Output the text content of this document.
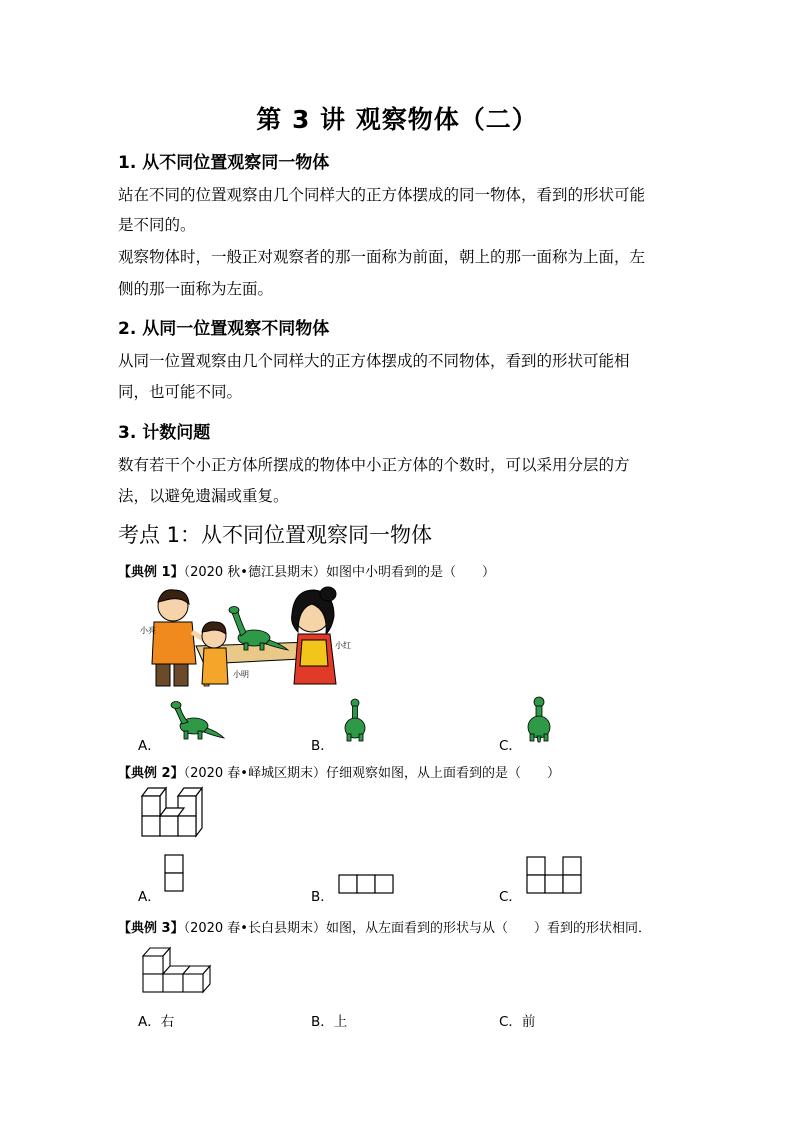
第 3 讲 观察物体（二）
1. 从不同位置观察同一物体
站在不同的位置观察由几个同样大的正方体摆成的同一物体，看到的形状可能
是不同的。
观察物体时，一般正对观察者的那一面称为前面，朝上的那一面称为上面，左
侧的那一面称为左面。
2. 从同一位置观察不同物体
从同一位置观察由几个同样大的正方体摆成的不同物体，看到的形状可能相
同，也可能不同。
3. 计数问题
数有若干个小正方体所摆成的物体中小正方体的个数时，可以采用分层的方
法，以避免遗漏或重复。
考点 1：从不同位置观察同一物体
【典例 1】（2020 秋•德江县期末）如图中小明看到的是（　　）
小亮
小红
小明
A．	B．	C．
【典例 2】（2020 春•峄城区期末）仔细观察如图，从上面看到的是（　　）
A．	B．	C．
【典例 3】（2020 春•长白县期末）如图，从左面看到的形状与从（　　）看到的形状相同．
A．右	B．上	C．前
